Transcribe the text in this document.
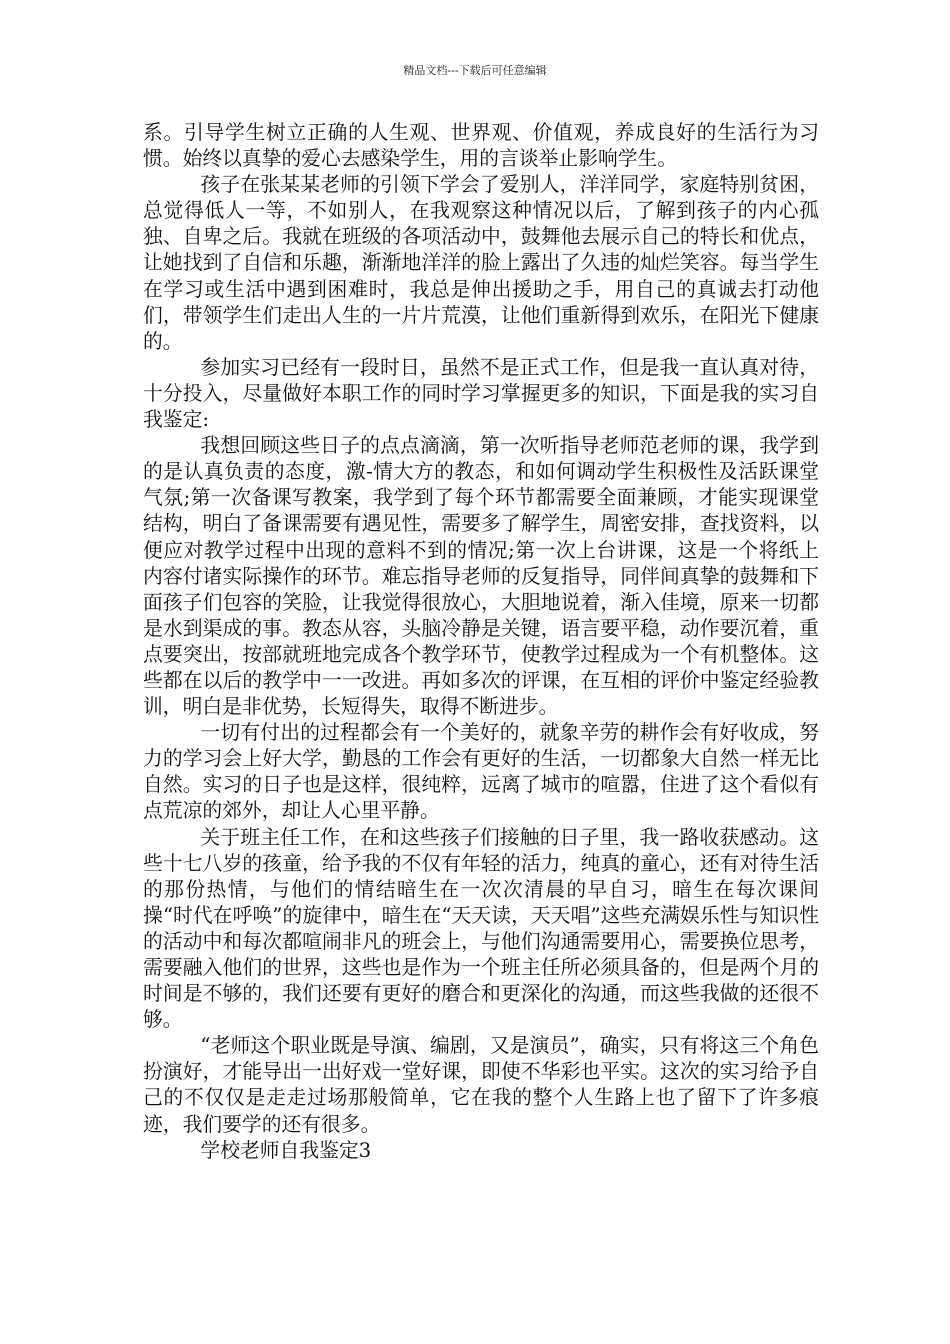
精品文档---下载后可任意编辑

系。引导学生树立正确的人生观、世界观、价值观，养成良好的生活行为习惯。始终以真挚的爱心去感染学生，用的言谈举止影响学生。

孩子在张某某老师的引领下学会了爱别人，洋洋同学，家庭特别贫困，总觉得低人一等，不如别人，在我观察这种情况以后，了解到孩子的内心孤独、自卑之后。我就在班级的各项活动中，鼓舞他去展示自己的特长和优点，让她找到了自信和乐趣，渐渐地洋洋的脸上露出了久违的灿烂笑容。每当学生在学习或生活中遇到困难时，我总是伸出援助之手，用自己的真诚去打动他们，带领学生们走出人生的一片片荒漠，让他们重新得到欢乐，在阳光下健康的。

参加实习已经有一段时日，虽然不是正式工作，但是我一直认真对待，十分投入，尽量做好本职工作的同时学习掌握更多的知识，下面是我的实习自我鉴定:

我想回顾这些日子的点点滴滴，第一次听指导老师范老师的课，我学到的是认真负责的态度，激-情大方的教态，和如何调动学生积极性及活跃课堂气氛;第一次备课写教案，我学到了每个环节都需要全面兼顾，才能实现课堂结构，明白了备课需要有遇见性，需要多了解学生，周密安排，查找资料，以便应对教学过程中出现的意料不到的情况;第一次上台讲课，这是一个将纸上内容付诸实际操作的环节。难忘指导老师的反复指导，同伴间真挚的鼓舞和下面孩子们包容的笑脸，让我觉得很放心，大胆地说着，渐入佳境，原来一切都是水到渠成的事。教态从容，头脑冷静是关键，语言要平稳，动作要沉着，重点要突出，按部就班地完成各个教学环节，使教学过程成为一个有机整体。这些都在以后的教学中一一改进。再如多次的评课，在互相的评价中鉴定经验教训，明白是非优势，长短得失，取得不断进步。

一切有付出的过程都会有一个美好的，就象辛劳的耕作会有好收成，努力的学习会上好大学，勤恳的工作会有更好的生活，一切都象大自然一样无比自然。实习的日子也是这样，很纯粹，远离了城市的喧嚣，住进了这个看似有点荒凉的郊外，却让人心里平静。

关于班主任工作，在和这些孩子们接触的日子里，我一路收获感动。这些十七八岁的孩童，给予我的不仅有年轻的活力，纯真的童心，还有对待生活的那份热情，与他们的情结暗生在一次次清晨的早自习，暗生在每次课间操“时代在呼唤”的旋律中，暗生在“天天读，天天唱”这些充满娱乐性与知识性的活动中和每次都喧闹非凡的班会上，与他们沟通需要用心，需要换位思考，需要融入他们的世界，这些也是作为一个班主任所必须具备的，但是两个月的时间是不够的，我们还要有更好的磨合和更深化的沟通，而这些我做的还很不够。

“老师这个职业既是导演、编剧，又是演员”，确实，只有将这三个角色扮演好，才能导出一出好戏一堂好课，即使不华彩也平实。这次的实习给予自己的不仅仅是走走过场那般简单，它在我的整个人生路上也了留下了许多痕迹，我们要学的还有很多。

学校老师自我鉴定3
